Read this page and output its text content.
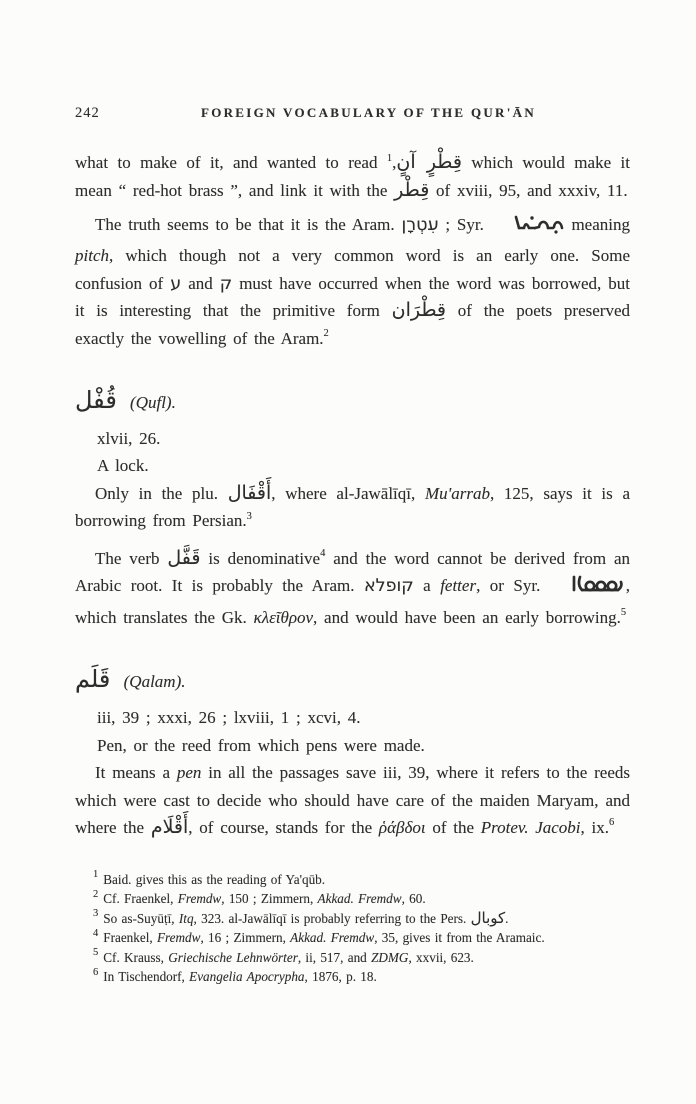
242	FOREIGN VOCABULARY OF THE QUR'ĀN

what to make of it, and wanted to read قِطْرٍ آنٍ,$^1$	which would make it mean “ red-hot brass ”, and link it with the قِطْر of xviii, 95, and xxxiv, 11.

The truth seems to be that it is the Aram. עִטְרָן ; Syr.	meaning pitch, which though not a very common word is an early one. Some confusion of ע and ק must have occurred when the word was borrowed, but it is interesting that the primitive form قِطْرَان of the poets preserved exactly the vowelling of the Aram.$^2$

قُفْل (Qufl).

xlvii, 26.

A lock.

Only in the plu. أَقْفَال, where al-Jawālīqī, Mu'arrab, 125, says it is a borrowing from Persian.$^3$

The verb قَفَّل is denominative$^4$ and the word cannot be derived from an Arabic root. It is probably the Aram. קופלא a fetter, or Syr.	, which translates the Gk. κλεῖθρον, and would have been an early borrowing.$^5$

قَلَم (Qalam).

iii, 39 ; xxxi, 26 ; lxviii, 1 ; xcvi, 4.

Pen, or the reed from which pens were made.

It means a pen in all the passages save iii, 39, where it refers to the reeds which were cast to decide who should have care of the maiden Maryam, and where the أَقْلَام, of course, stands for the ῥάβδοι of the Protev. Jacobi, ix.$^6$

$^1$ Baid. gives this as the reading of Ya'qūb.
$^2$ Cf. Fraenkel, Fremdw, 150 ; Zimmern, Akkad. Fremdw, 60.
$^3$ So as-Suyūṭī, Itq, 323. al-Jawālīqī is probably referring to the Pers. كوبال.
$^4$ Fraenkel, Fremdw, 16 ; Zimmern, Akkad. Fremdw, 35, gives it from the Aramaic.
$^5$ Cf. Krauss, Griechische Lehnwörter, ii, 517, and ZDMG, xxvii, 623.
$^6$ In Tischendorf, Evangelia Apocrypha, 1876, p. 18.
